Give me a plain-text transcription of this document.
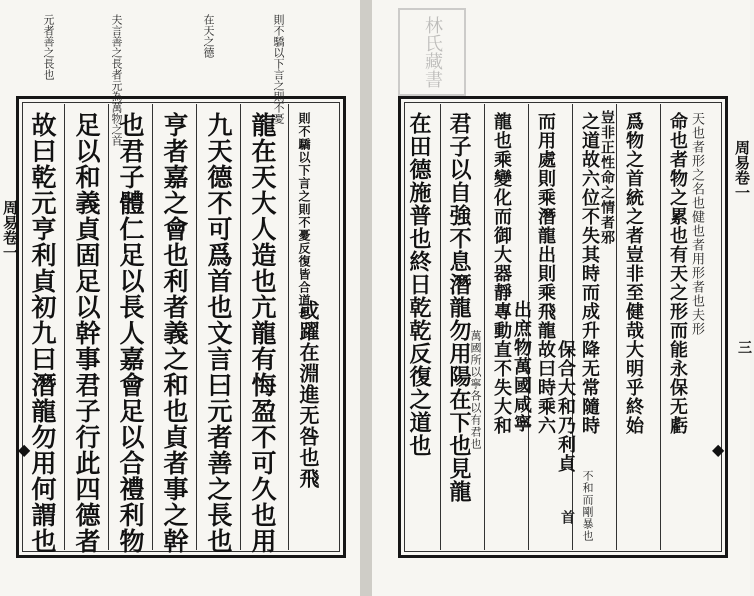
元者善之長也	夫言善之長者元為萬物之首	在天之德	則不驕以下言之則不憂
則不驕以下言之則不憂反復皆合道也
龍在天大人造也亢龍有悔盈不可久也用
九天德不可爲首也文言曰元者善之長也
亨者嘉之會也利者義之和也貞者事之幹
也君子體仁足以長人嘉會足以合禮利物
足以和義貞固足以幹事君子行此四德者
故曰乾元亨利貞初九曰潛龍勿用何謂也	或躍在淵進无咎也飛
周易卷一
林氏藏書
天也者形之名也健也者用形者也夫形
命也者物之累也有天之形而能永保无虧
爲物之首統之者豈非至健哉大明乎終始
之道故六位不失其時而成升降无常隨時
而用處則乘潛龍出則乘飛龍故曰時乘六
龍也乘變化而御大器靜專動直不失大和
君子以自強不息潛龍勿用陽在下也見龍
在田德施普也終日乾乾反復之道也	豈非正性命之情者邪
保合大和乃利貞
出庶物萬國咸寧
萬國所以寧各以有君也
不和而剛暴也
首
周易卷一
三
◆	◆
